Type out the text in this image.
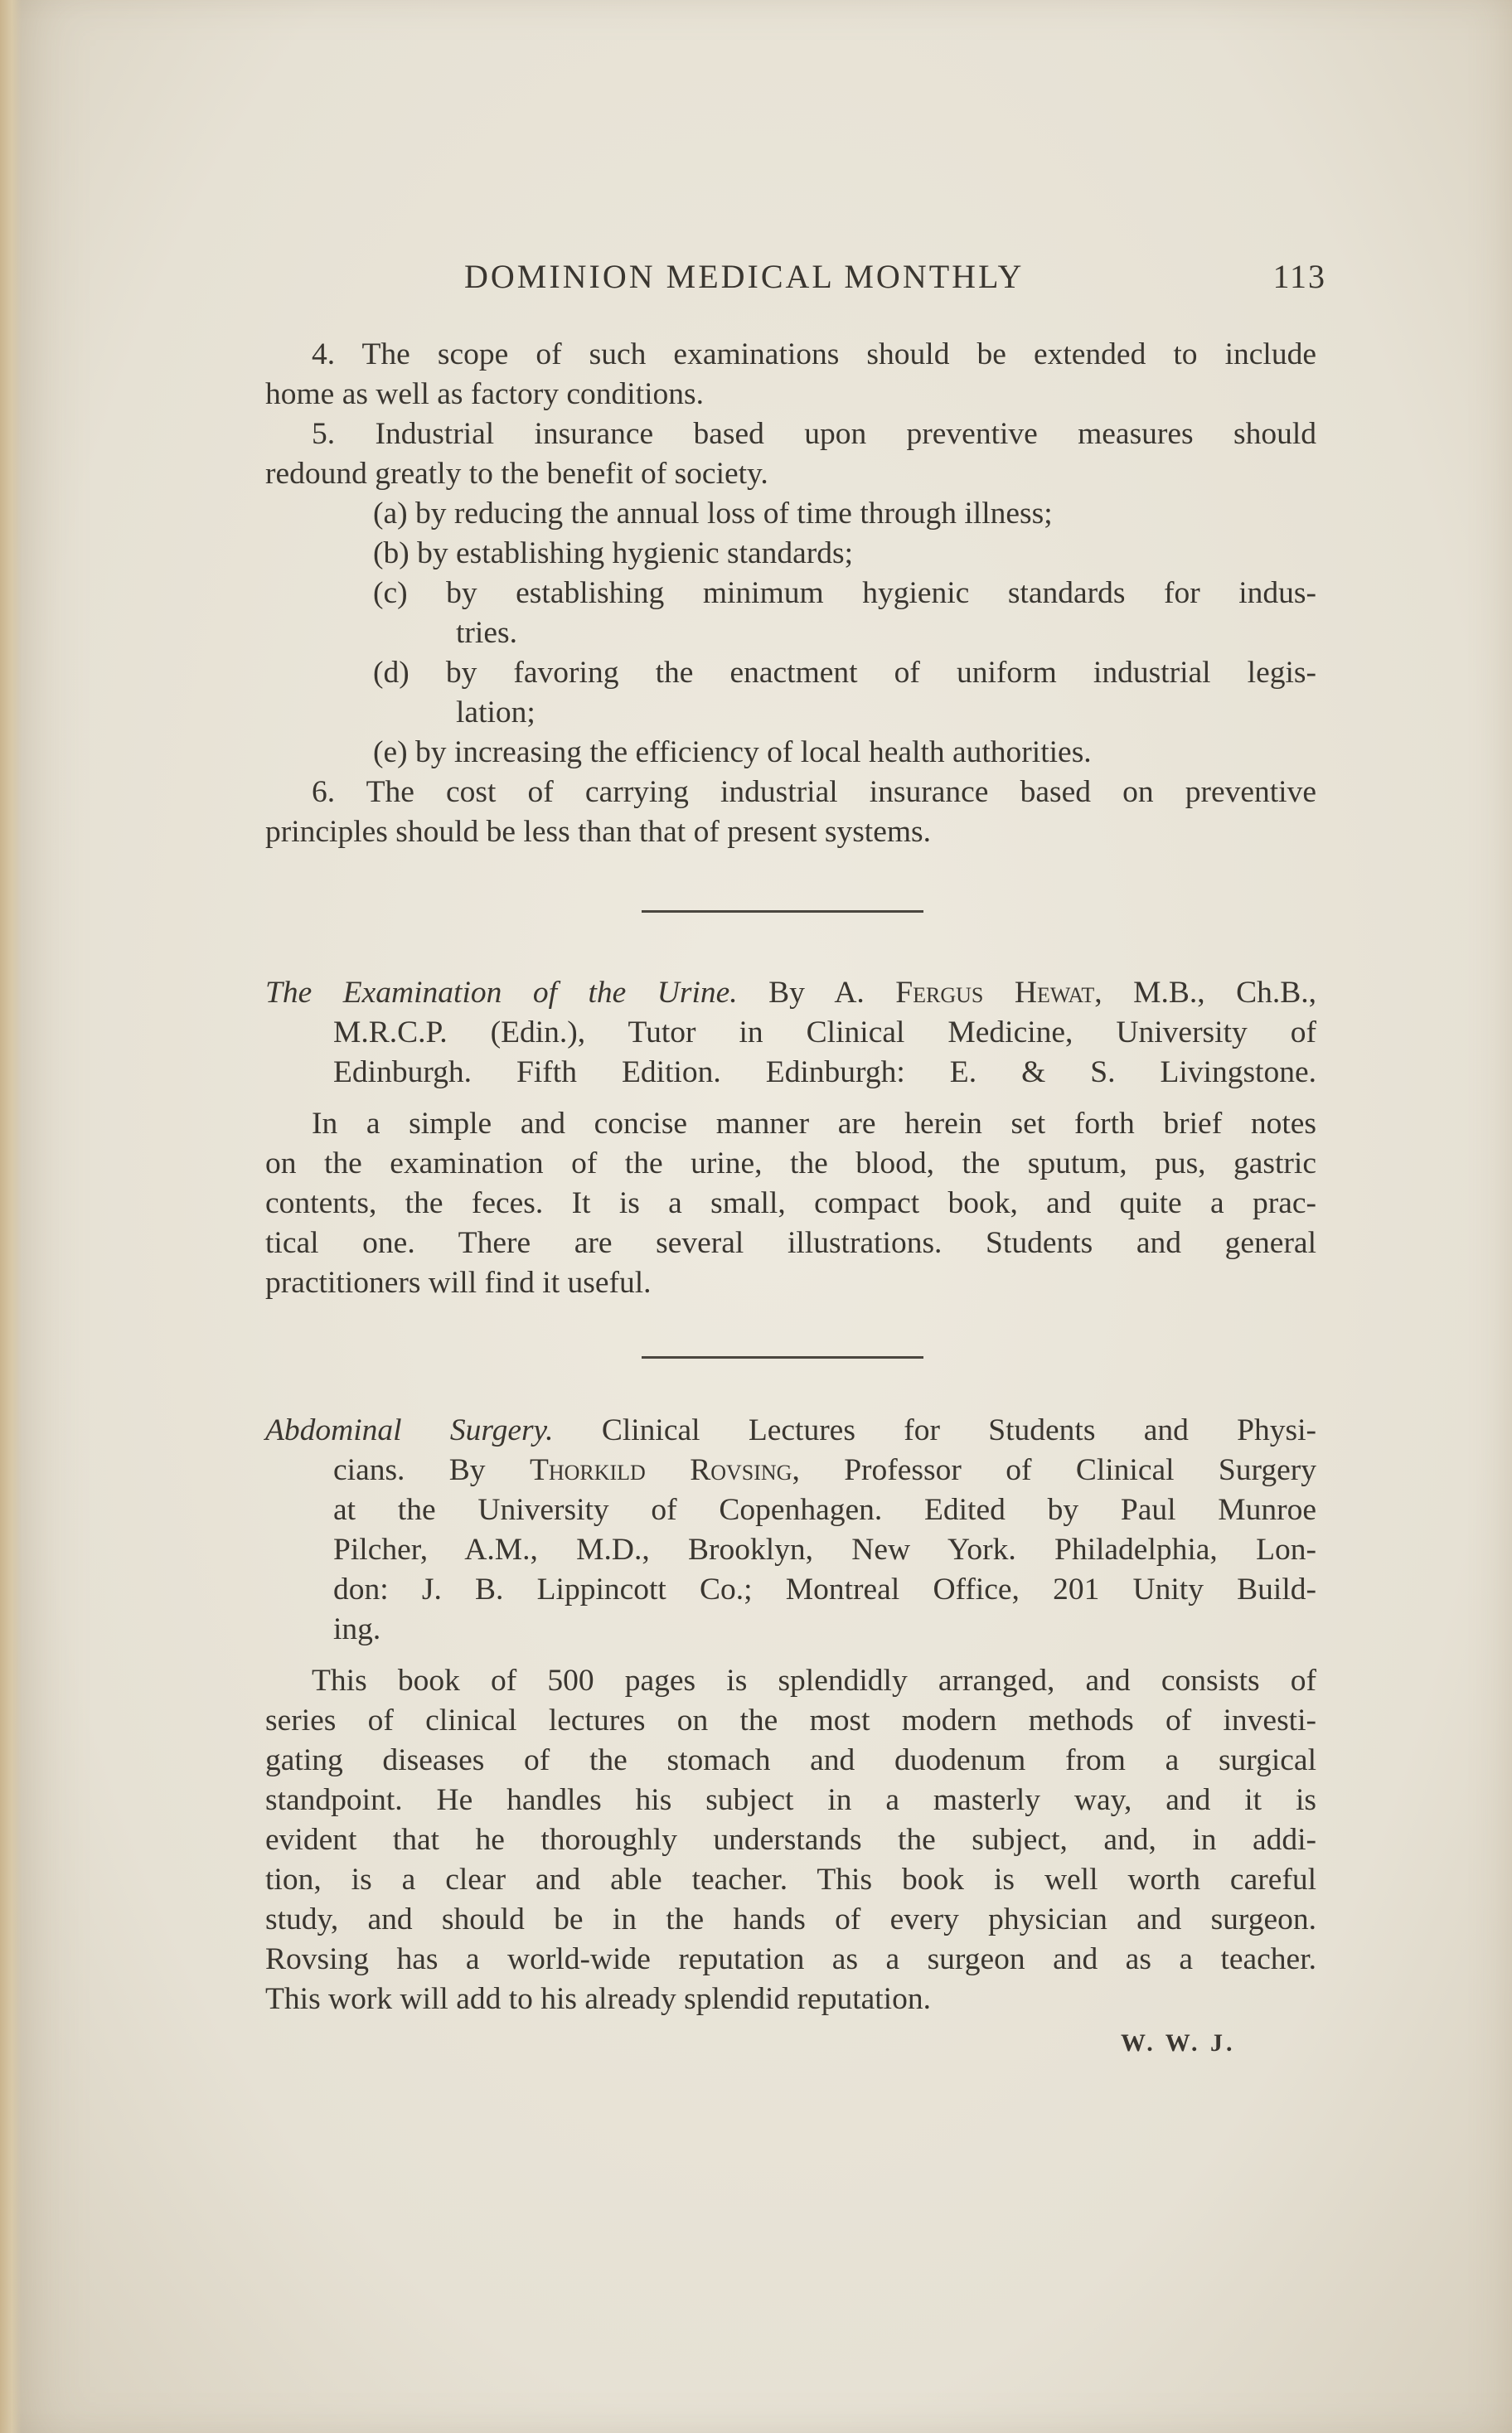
DOMINION MEDICAL MONTHLY	113
4. The scope of such examinations should be extended to include
home as well as factory conditions.
5. Industrial insurance based upon preventive measures should
redound greatly to the benefit of society.
(a) by reducing the annual loss of time through illness;
(b) by establishing hygienic standards;
(c) by establishing minimum hygienic standards for indus-
tries.
(d) by favoring the enactment of uniform industrial legis-
lation;
(e) by increasing the efficiency of local health authorities.
6. The cost of carrying industrial insurance based on preventive
principles should be less than that of present systems.
The Examination of the Urine. By A. Fergus Hewat, M.B., Ch.B.,
M.R.C.P. (Edin.), Tutor in Clinical Medicine, University of
Edinburgh. Fifth Edition. Edinburgh: E. & S. Livingstone.
In a simple and concise manner are herein set forth brief notes
on the examination of the urine, the blood, the sputum, pus, gastric
contents, the feces. It is a small, compact book, and quite a prac-
tical one. There are several illustrations. Students and general
practitioners will find it useful.
Abdominal Surgery. Clinical Lectures for Students and Physi-
cians. By Thorkild Rovsing, Professor of Clinical Surgery
at the University of Copenhagen. Edited by Paul Munroe
Pilcher, A.M., M.D., Brooklyn, New York. Philadelphia, Lon-
don: J. B. Lippincott Co.; Montreal Office, 201 Unity Build-
ing.
This book of 500 pages is splendidly arranged, and consists of
series of clinical lectures on the most modern methods of investi-
gating diseases of the stomach and duodenum from a surgical
standpoint. He handles his subject in a masterly way, and it is
evident that he thoroughly understands the subject, and, in addi-
tion, is a clear and able teacher. This book is well worth careful
study, and should be in the hands of every physician and surgeon.
Rovsing has a world-wide reputation as a surgeon and as a teacher.
This work will add to his already splendid reputation.
W. W. J.
